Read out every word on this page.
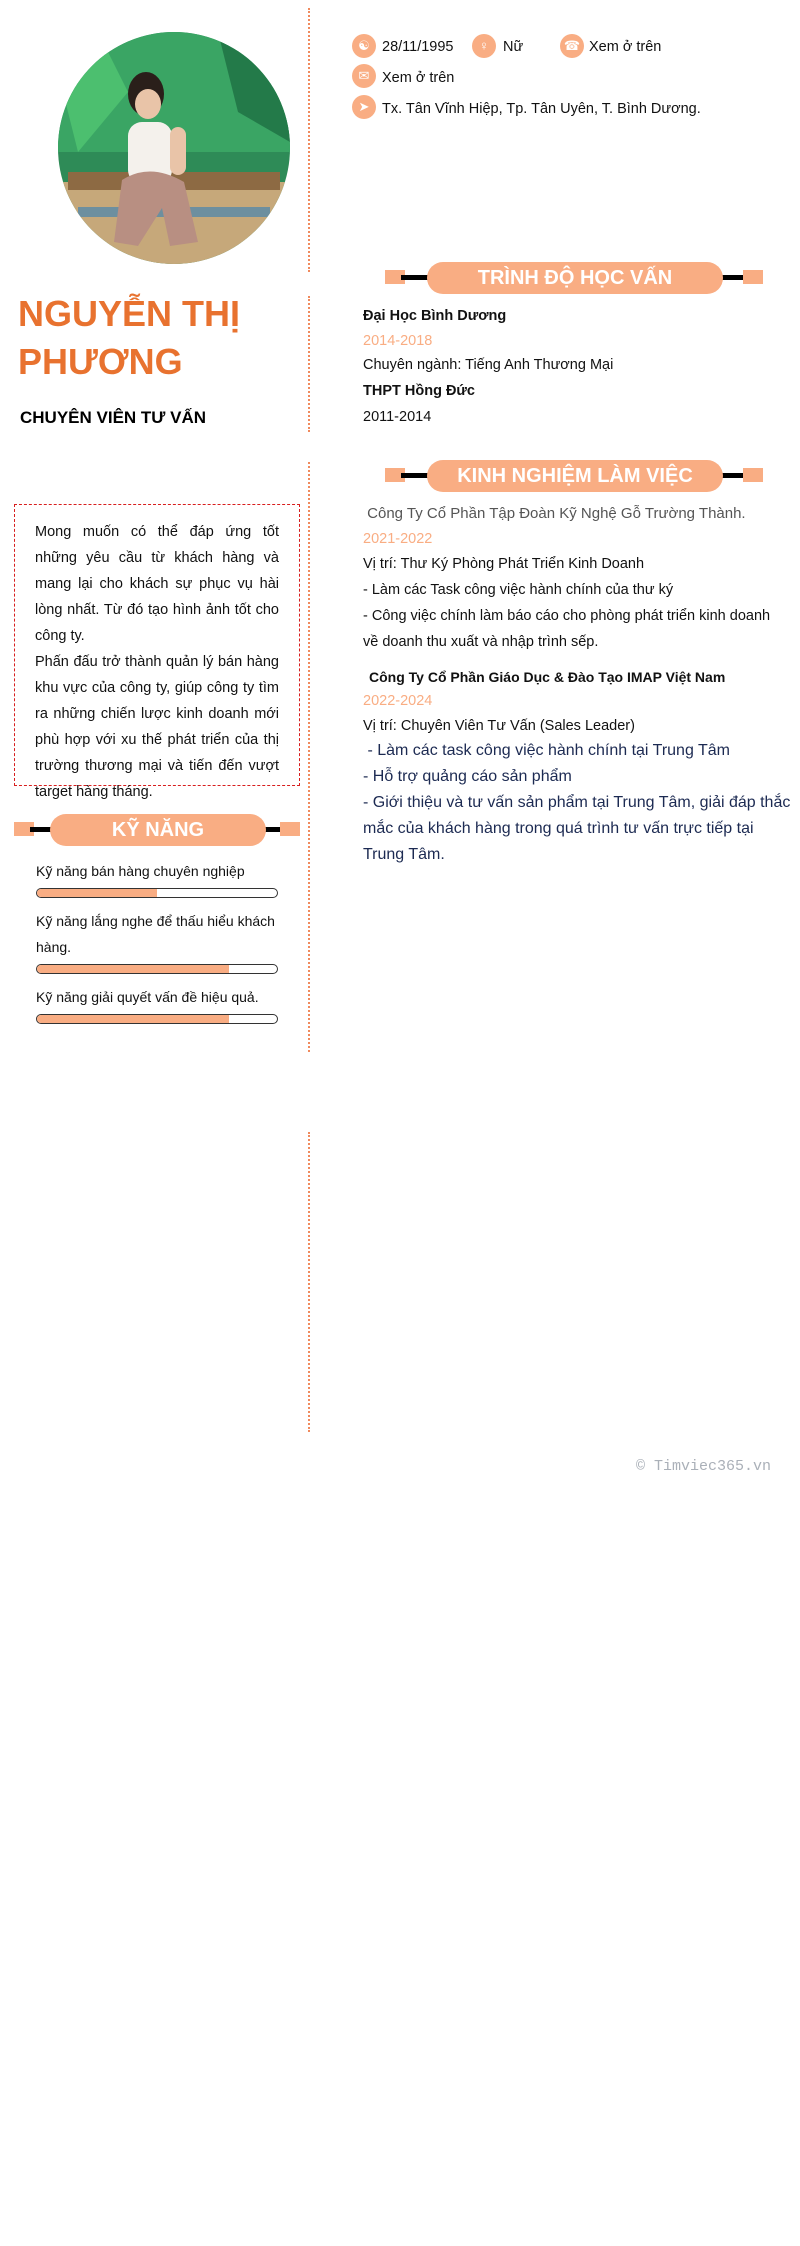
NGUYỄN THỊ
PHƯƠNG
CHUYÊN VIÊN TƯ VẤN
☯ 28/11/1995	♀ Nữ	☎ Xem ở trên
✉ Xem ở trên
➤ Tx. Tân Vĩnh Hiệp, Tp. Tân Uyên, T. Bình Dương.
Mong muốn có thể đáp ứng tốt những yêu cầu từ khách hàng và mang lại cho khách sự phục vụ hài lòng nhất. Từ đó tạo hình ảnh tốt cho công ty.
Phấn đấu trở thành quản lý bán hàng khu vực của công ty, giúp công ty tìm ra những chiến lược kinh doanh mới phù hợp với xu thế phát triển của thị trường thương mại và tiến đến vượt target hàng tháng.
KỸ NĂNG
Kỹ năng bán hàng chuyên nghiệp
Kỹ năng lắng nghe để thấu hiểu khách hàng.
Kỹ năng giải quyết vấn đề hiệu quả.
TRÌNH ĐỘ HỌC VẤN
Đại Học Bình Dương
2014-2018
Chuyên ngành: Tiếng Anh Thương Mại
THPT Hồng Đức
2011-2014
KINH NGHIỆM LÀM VIỆC
Công Ty Cổ Phần Tập Đoàn Kỹ Nghệ Gỗ Trường Thành.
2021-2022
Vị trí: Thư Ký Phòng Phát Triển Kinh Doanh
- Làm các Task công việc hành chính của thư ký
- Công việc chính làm báo cáo cho phòng phát triển kinh doanh về doanh thu xuất và nhập trình sếp.
Công Ty Cổ Phần Giáo Dục & Đào Tạo IMAP Việt Nam
2022-2024
Vị trí: Chuyên Viên Tư Vấn (Sales Leader)
- Làm các task công việc hành chính tại Trung Tâm
- Hỗ trợ quảng cáo sản phẩm
- Giới thiệu và tư vấn sản phẩm tại Trung Tâm, giải đáp thắc mắc của khách hàng trong quá trình tư vấn trực tiếp tại Trung Tâm.
© Timviec365.vn
